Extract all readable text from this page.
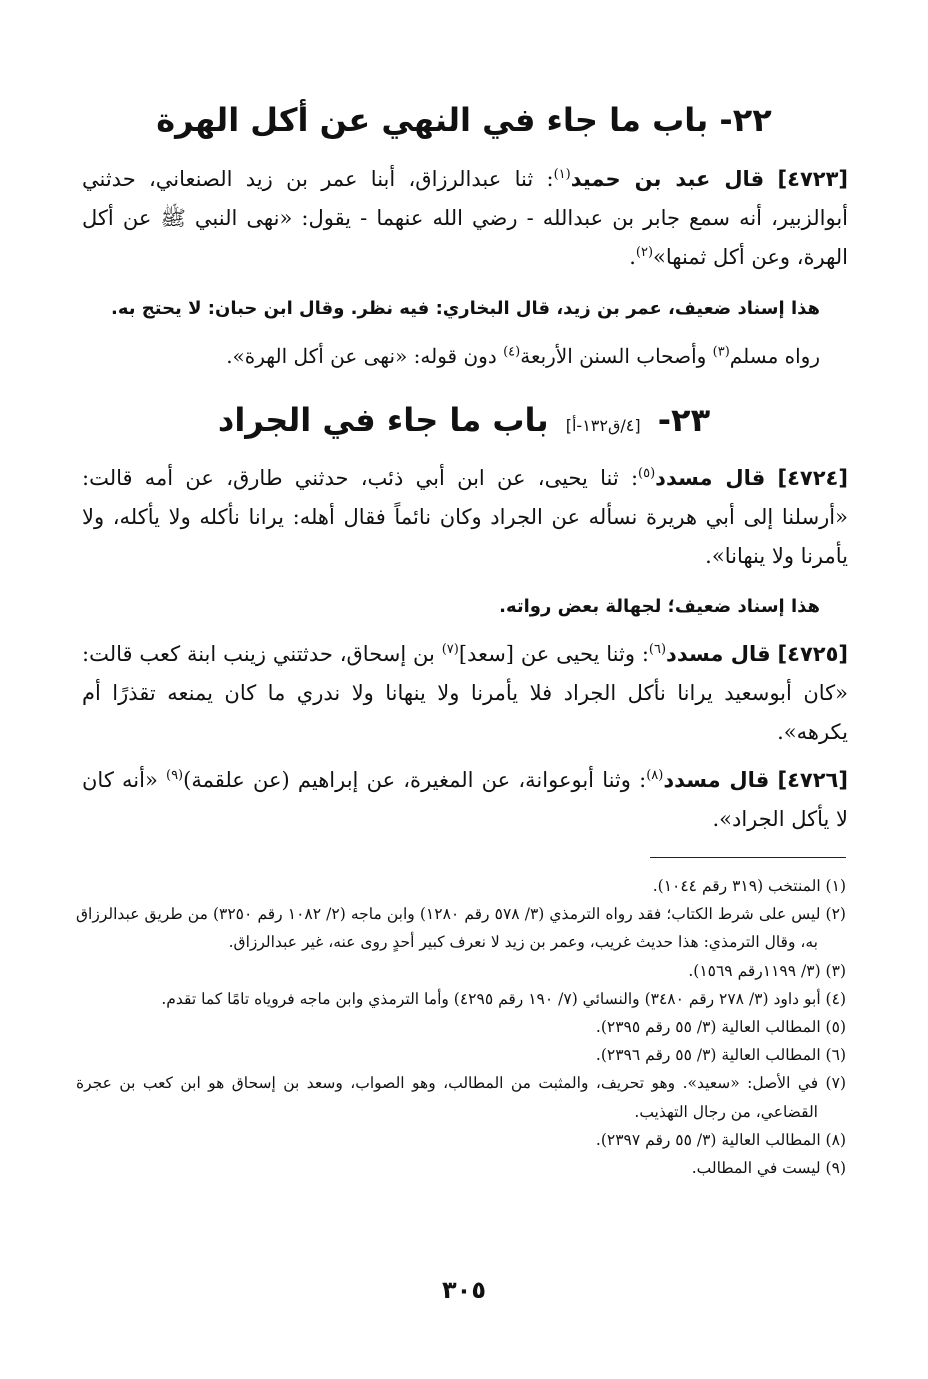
٢٢- باب ما جاء في النهي عن أكل الهرة
[٤٧٢٣] قال عبد بن حميد$^{(١)}$: ثنا عبدالرزاق، أبنا عمر بن زيد الصنعاني، حدثني أبوالزبير، أنه سمع جابر بن عبدالله - رضي الله عنهما - يقول: «نهى النبي ﷺ عن أكل الهرة، وعن أكل ثمنها»$^{(٢)}$.
هذا إسناد ضعيف، عمر بن زيد، قال البخاري: فيه نظر. وقال ابن حبان: لا يحتج به.
رواه مسلم$^{(٣)}$ وأصحاب السنن الأربعة$^{(٤)}$ دون قوله: «نهى عن أكل الهرة».
٢٣- [٤/ق١٣٢-أ] باب ما جاء في الجراد
[٤٧٢٤] قال مسدد$^{(٥)}$: ثنا يحيى، عن ابن أبي ذئب، حدثني طارق، عن أمه قالت: «أرسلنا إلى أبي هريرة نسأله عن الجراد وكان نائماً فقال أهله: يرانا نأكله ولا يأكله، ولا يأمرنا ولا ينهانا».
هذا إسناد ضعيف؛ لجهالة بعض رواته.
[٤٧٢٥] قال مسدد$^{(٦)}$: وثنا يحيى عن [سعد]$^{(٧)}$ بن إسحاق، حدثتني زينب ابنة كعب قالت: «كان أبوسعيد يرانا نأكل الجراد فلا يأمرنا ولا ينهانا ولا ندري ما كان يمنعه تقذرًا أم يكرهه».
[٤٧٢٦] قال مسدد$^{(٨)}$: وثنا أبوعوانة، عن المغيرة، عن إبراهيم (عن علقمة)$^{(٩)}$ «أنه كان لا يأكل الجراد».
(١) المنتخب (٣١٩ رقم ١٠٤٤).
(٢) ليس على شرط الكتاب؛ فقد رواه الترمذي (٣/ ٥٧٨ رقم ١٢٨٠) وابن ماجه (٢/ ١٠٨٢ رقم ٣٢٥٠) من طريق عبدالرزاق به، وقال الترمذي: هذا حديث غريب، وعمر بن زيد لا نعرف كبير أحدٍ روى عنه، غير عبدالرزاق.
(٣) (٣/ ١١٩٩رقم ١٥٦٩).
(٤) أبو داود (٣/ ٢٧٨ رقم ٣٤٨٠) والنسائي (٧/ ١٩٠ رقم ٤٢٩٥) وأما الترمذي وابن ماجه فروياه تامًا كما تقدم.
(٥) المطالب العالية (٣/ ٥٥ رقم ٢٣٩٥).
(٦) المطالب العالية (٣/ ٥٥ رقم ٢٣٩٦).
(٧) في الأصل: «سعيد». وهو تحريف، والمثبت من المطالب، وهو الصواب، وسعد بن إسحاق هو ابن كعب بن عجرة القضاعي، من رجال التهذيب.
(٨) المطالب العالية (٣/ ٥٥ رقم ٢٣٩٧).
(٩) ليست في المطالب.
٣٠٥
